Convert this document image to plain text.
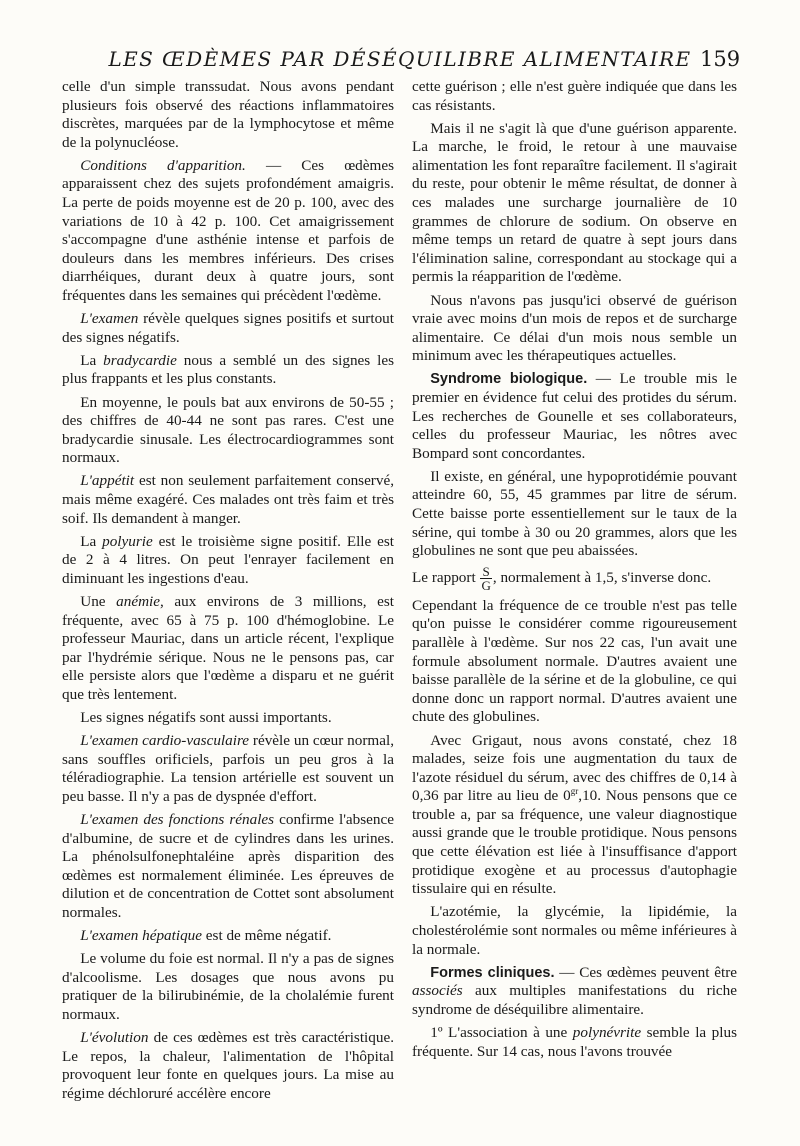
LES ŒDÈMES PAR DÉSÉQUILIBRE ALIMENTAIRE 159

celle d'un simple transsudat. Nous avons pendant plusieurs fois observé des réactions inflammatoires discrètes, marquées par de la lymphocytose et même de la polynucléose.

Conditions d'apparition. — Ces œdèmes apparaissent chez des sujets profondément amaigris. La perte de poids moyenne est de 20 p. 100, avec des variations de 10 à 42 p. 100. Cet amaigrissement s'accompagne d'une asthénie intense et parfois de douleurs dans les membres inférieurs. Des crises diarrhéiques, durant deux à quatre jours, sont fréquentes dans les semaines qui précèdent l'œdème.

L'examen révèle quelques signes positifs et surtout des signes négatifs.

La bradycardie nous a semblé un des signes les plus frappants et les plus constants.

En moyenne, le pouls bat aux environs de 50-55 ; des chiffres de 40-44 ne sont pas rares. C'est une bradycardie sinusale. Les électrocardiogrammes sont normaux.

L'appétit est non seulement parfaitement conservé, mais même exagéré. Ces malades ont très faim et très soif. Ils demandent à manger.

La polyurie est le troisième signe positif. Elle est de 2 à 4 litres. On peut l'enrayer facilement en diminuant les ingestions d'eau.

Une anémie, aux environs de 3 millions, est fréquente, avec 65 à 75 p. 100 d'hémoglobine. Le professeur Mauriac, dans un article récent, l'explique par l'hydrémie sérique. Nous ne le pensons pas, car elle persiste alors que l'œdème a disparu et ne guérit que très lentement.

Les signes négatifs sont aussi importants.

L'examen cardio-vasculaire révèle un cœur normal, sans souffles orificiels, parfois un peu gros à la téléradiographie. La tension artérielle est souvent un peu basse. Il n'y a pas de dyspnée d'effort.

L'examen des fonctions rénales confirme l'absence d'albumine, de sucre et de cylindres dans les urines. La phénolsulfonephtaléine après disparition des œdèmes est normalement éliminée. Les épreuves de dilution et de concentration de Cottet sont absolument normales.

L'examen hépatique est de même négatif.

Le volume du foie est normal. Il n'y a pas de signes d'alcoolisme. Les dosages que nous avons pu pratiquer de la bilirubinémie, de la cholalémie furent normaux.

L'évolution de ces œdèmes est très caractéristique. Le repos, la chaleur, l'alimentation de l'hôpital provoquent leur fonte en quelques jours. La mise au régime déchloruré accélère encore

cette guérison ; elle n'est guère indiquée que dans les cas résistants.

Mais il ne s'agit là que d'une guérison apparente. La marche, le froid, le retour à une mauvaise alimentation les font reparaître facilement. Il s'agirait du reste, pour obtenir le même résultat, de donner à ces malades une surcharge journalière de 10 grammes de chlorure de sodium. On observe en même temps un retard de quatre à sept jours dans l'élimination saline, correspondant au stockage qui a permis la réapparition de l'œdème.

Nous n'avons pas jusqu'ici observé de guérison vraie avec moins d'un mois de repos et de surcharge alimentaire. Ce délai d'un mois nous semble un minimum avec les thérapeutiques actuelles.

Syndrome biologique. — Le trouble mis le premier en évidence fut celui des protides du sérum. Les recherches de Gounelle et ses collaborateurs, celles du professeur Mauriac, les nôtres avec Bompard sont concordantes.

Il existe, en général, une hypoprotidémie pouvant atteindre 60, 55, 45 grammes par litre de sérum. Cette baisse porte essentiellement sur le taux de la sérine, qui tombe à 30 ou 20 grammes, alors que les globulines ne sont que peu abaissées.

Le rapport $\frac{S}{G}$ , normalement à 1,5, s'inverse donc.

Cependant la fréquence de ce trouble n'est pas telle qu'on puisse le considérer comme rigoureusement parallèle à l'œdème. Sur nos 22 cas, l'un avait une formule absolument normale. D'autres avaient une baisse parallèle de la sérine et de la globuline, ce qui donne donc un rapport normal. D'autres avaient une chute des globulines.

Avec Grigaut, nous avons constaté, chez 18 malades, seize fois une augmentation du taux de l'azote résiduel du sérum, avec des chiffres de 0,14 à 0,36 par litre au lieu de $0^{gr},10$. Nous pensons que ce trouble a, par sa fréquence, une valeur diagnostique aussi grande que le trouble protidique. Nous pensons que cette élévation est liée à l'insuffisance d'apport protidique exogène et au processus d'autophagie tissulaire qui en résulte.

L'azotémie, la glycémie, la lipidémie, la cholestérolémie sont normales ou même inférieures à la normale.

Formes cliniques. — Ces œdèmes peuvent être associés aux multiples manifestations du riche syndrome de déséquilibre alimentaire.

1º L'association à une polynévrite semble la plus fréquente. Sur 14 cas, nous l'avons trouvée
